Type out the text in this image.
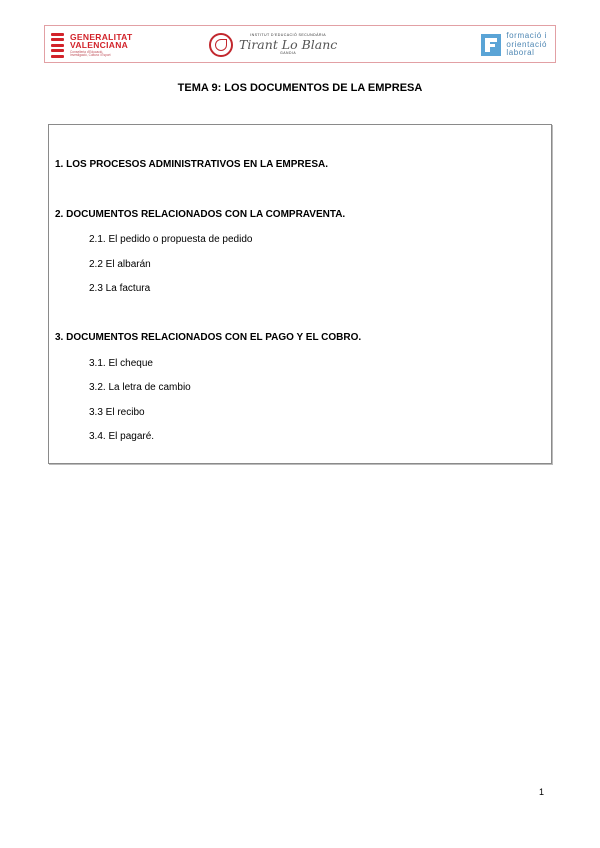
GENERALITAT
VALENCIANA
Conselleria d'Educació,
Investigació, Cultura i Esport
INSTITUT D'EDUCACIÓ SECUNDÀRIA
Tirant Lo Blanc
GANDIA
formació i
orientació
laboral
TEMA 9: LOS DOCUMENTOS DE LA EMPRESA
1. LOS PROCESOS ADMINISTRATIVOS EN LA EMPRESA.
2. DOCUMENTOS RELACIONADOS CON LA COMPRAVENTA.
2.1. El pedido o propuesta de pedido
2.2 El albarán
2.3 La factura
3. DOCUMENTOS RELACIONADOS CON EL PAGO Y EL COBRO.
3.1. El cheque
3.2. La letra de cambio
3.3 El recibo
3.4. El pagaré.
1
